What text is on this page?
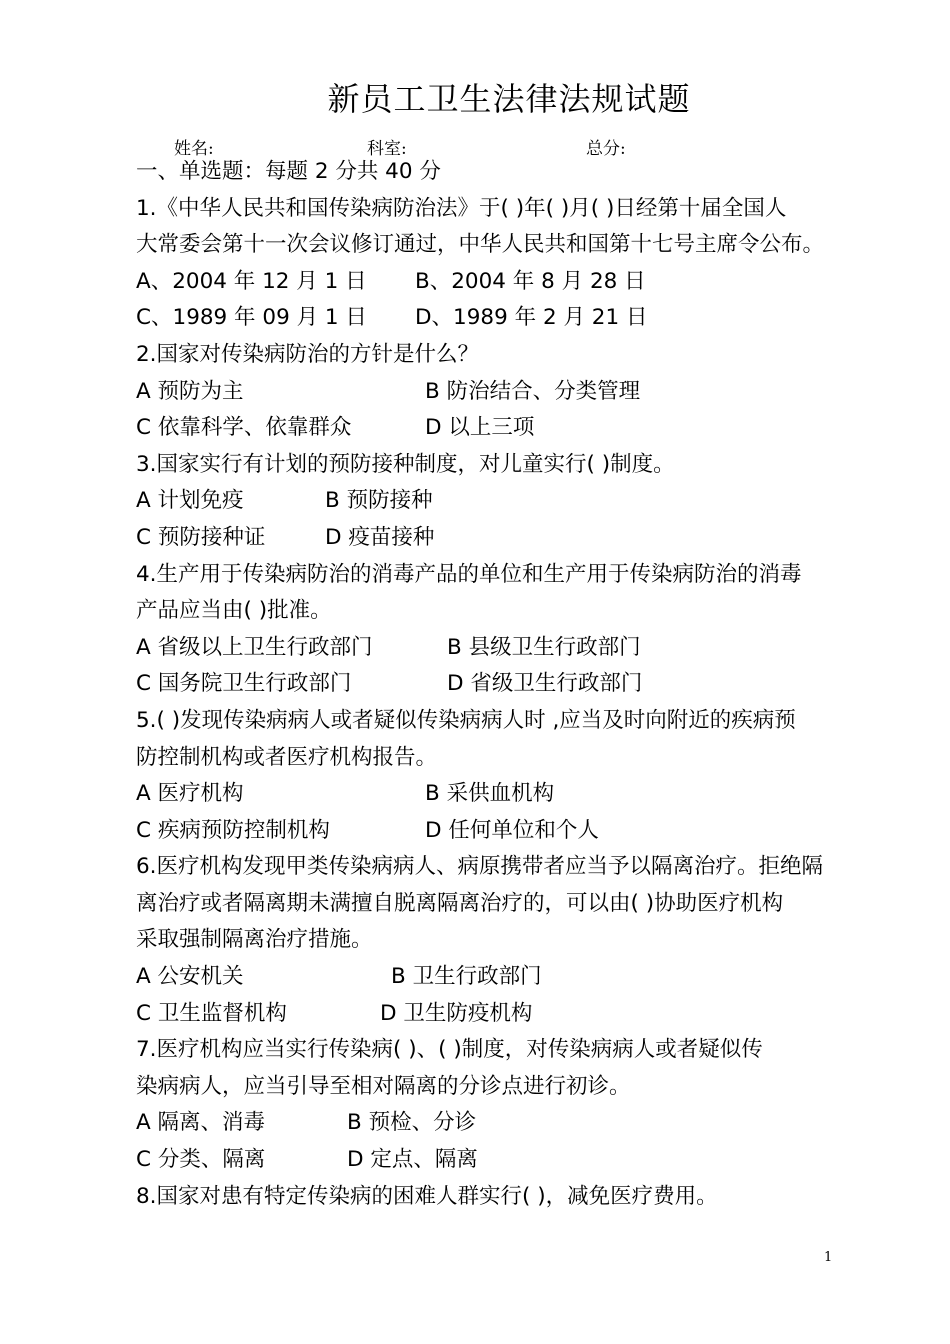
新员工卫生法律法规试题
姓名:	科室:	总分:
一、单选题：每题 2 分共 40 分
1.《中华人民共和国传染病防治法》于( )年( )月( )日经第十届全国人
大常委会第十一次会议修订通过，中华人民共和国第十七号主席令公布。
A、2004 年 12 月 1 日 B、2004 年 8 月 28 日
C、1989 年 09 月 1 日 D、1989 年 2 月 21 日
2.国家对传染病防治的方针是什么？
A 预防为主	B 防治结合、分类管理
C 依靠科学、依靠群众	D 以上三项
3.国家实行有计划的预防接种制度，对儿童实行( )制度。
A 计划免疫	B 预防接种
C 预防接种证	D 疫苗接种
4.生产用于传染病防治的消毒产品的单位和生产用于传染病防治的消毒
产品应当由( )批准。
A 省级以上卫生行政部门	B 县级卫生行政部门
C 国务院卫生行政部门	D 省级卫生行政部门
5.( )发现传染病病人或者疑似传染病病人时 ,应当及时向附近的疾病预
防控制机构或者医疗机构报告。
A 医疗机构	B 采供血机构
C 疾病预防控制机构	D 任何单位和个人
6.医疗机构发现甲类传染病病人、病原携带者应当予以隔离治疗。拒绝隔
离治疗或者隔离期未满擅自脱离隔离治疗的，可以由( )协助医疗机构
采取强制隔离治疗措施。
A 公安机关	B 卫生行政部门
C 卫生监督机构	D 卫生防疫机构
7.医疗机构应当实行传染病( )、( )制度，对传染病病人或者疑似传
染病病人，应当引导至相对隔离的分诊点进行初诊。
A 隔离、消毒	B 预检、分诊
C 分类、隔离	D 定点、隔离
8.国家对患有特定传染病的困难人群实行( )，减免医疗费用。
1
